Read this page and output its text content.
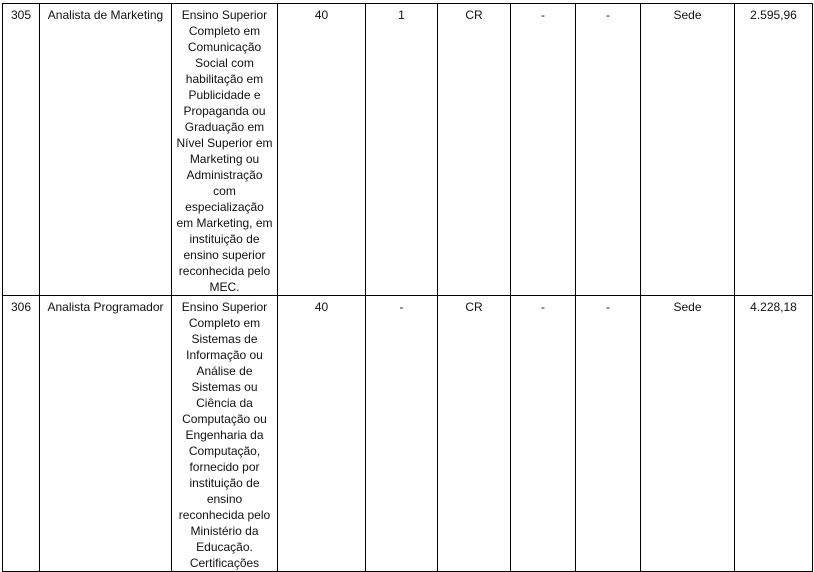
305	Analista de Marketing	Ensino Superior Completo em Comunicação Social com habilitação em Publicidade e Propaganda ou Graduação em Nível Superior em Marketing ou Administração com especialização em Marketing, em instituição de ensino superior reconhecida pelo MEC.	40	1	CR	-	-	Sede	2.595,96
306	Analista Programador	Ensino Superior Completo em Sistemas de Informação ou Análise de Sistemas ou Ciência da Computação ou Engenharia da Computação, fornecido por instituição de ensino reconhecida pelo Ministério da Educação. Certificações	40	-	CR	-	-	Sede	4.228,18
